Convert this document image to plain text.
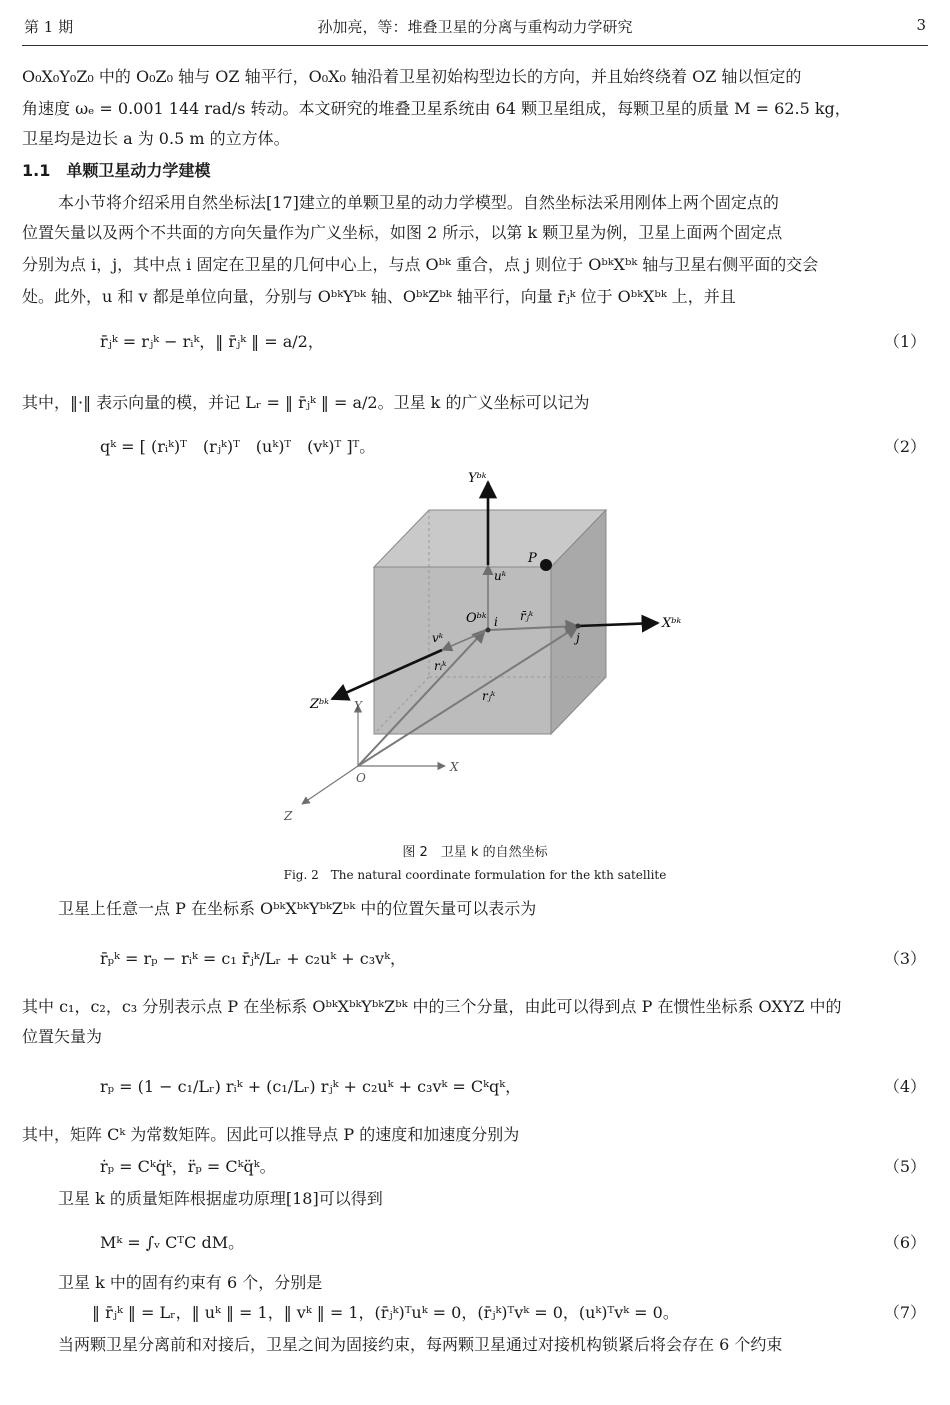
第 1 期	孙加亮，等：堆叠卫星的分离与重构动力学研究	3
O₀X₀Y₀Z₀ 中的 O₀Z₀ 轴与 OZ 轴平行，O₀X₀ 轴沿着卫星初始构型边长的方向，并且始终绕着 OZ 轴以恒定的
角速度 ωₑ = 0.001 144 rad/s 转动。本文研究的堆叠卫星系统由 64 颗卫星组成，每颗卫星的质量 M = 62.5 kg，
卫星均是边长 a 为 0.5 m 的立方体。
1.1　单颗卫星动力学建模
本小节将介绍采用自然坐标法[17]建立的单颗卫星的动力学模型。自然坐标法采用刚体上两个固定点的
位置矢量以及两个不共面的方向矢量作为广义坐标，如图 2 所示，以第 k 颗卫星为例，卫星上面两个固定点
分别为点 i，j，其中点 i 固定在卫星的几何中心上，与点 Oᵇᵏ 重合，点 j 则位于 OᵇᵏXᵇᵏ 轴与卫星右侧平面的交会
处。此外，u 和 v 都是单位向量，分别与 OᵇᵏYᵇᵏ 轴、OᵇᵏZᵇᵏ 轴平行，向量 r̄ⱼᵏ 位于 OᵇᵏXᵇᵏ 上，并且
r̄ⱼᵏ = rⱼᵏ − rᵢᵏ，‖ r̄ⱼᵏ ‖ = a/2，	（1）
其中，‖·‖ 表示向量的模，并记 Lᵣ = ‖ r̄ⱼᵏ ‖ = a/2。卫星 k 的广义坐标可以记为
qᵏ = [ (rᵢᵏ)ᵀ　(rⱼᵏ)ᵀ　(uᵏ)ᵀ　(vᵏ)ᵀ ]ᵀ。	（2）
Yᵇᵏ
Xᵇᵏ
Zᵇᵏ
Oᵇᵏ
P
uᵏ
vᵏ
i
j
r̄ⱼᵏ
rᵢᵏ
rⱼᵏ
O
X
Y
Z
图 2　卫星 k 的自然坐标
Fig. 2　The natural coordinate formulation for the kth satellite
卫星上任意一点 P 在坐标系 OᵇᵏXᵇᵏYᵇᵏZᵇᵏ 中的位置矢量可以表示为
r̄ₚᵏ = rₚ − rᵢᵏ = c₁ r̄ⱼᵏ/Lᵣ + c₂uᵏ + c₃vᵏ，	（3）
其中 c₁，c₂，c₃ 分别表示点 P 在坐标系 OᵇᵏXᵇᵏYᵇᵏZᵇᵏ 中的三个分量，由此可以得到点 P 在惯性坐标系 OXYZ 中的
位置矢量为
rₚ = (1 − c₁/Lᵣ) rᵢᵏ + (c₁/Lᵣ) rⱼᵏ + c₂uᵏ + c₃vᵏ = Cᵏqᵏ，	（4）
其中，矩阵 Cᵏ 为常数矩阵。因此可以推导点 P 的速度和加速度分别为
ṙₚ = Cᵏq̇ᵏ，r̈ₚ = Cᵏq̈ᵏ。	（5）
卫星 k 的质量矩阵根据虚功原理[18]可以得到
Mᵏ = ∫ᵥ CᵀC dM。	（6）
卫星 k 中的固有约束有 6 个，分别是
‖ r̄ⱼᵏ ‖ = Lᵣ，‖ uᵏ ‖ = 1，‖ vᵏ ‖ = 1，(r̄ⱼᵏ)ᵀuᵏ = 0，(r̄ⱼᵏ)ᵀvᵏ = 0，(uᵏ)ᵀvᵏ = 0。	（7）
当两颗卫星分离前和对接后，卫星之间为固接约束，每两颗卫星通过对接机构锁紧后将会存在 6 个约束
